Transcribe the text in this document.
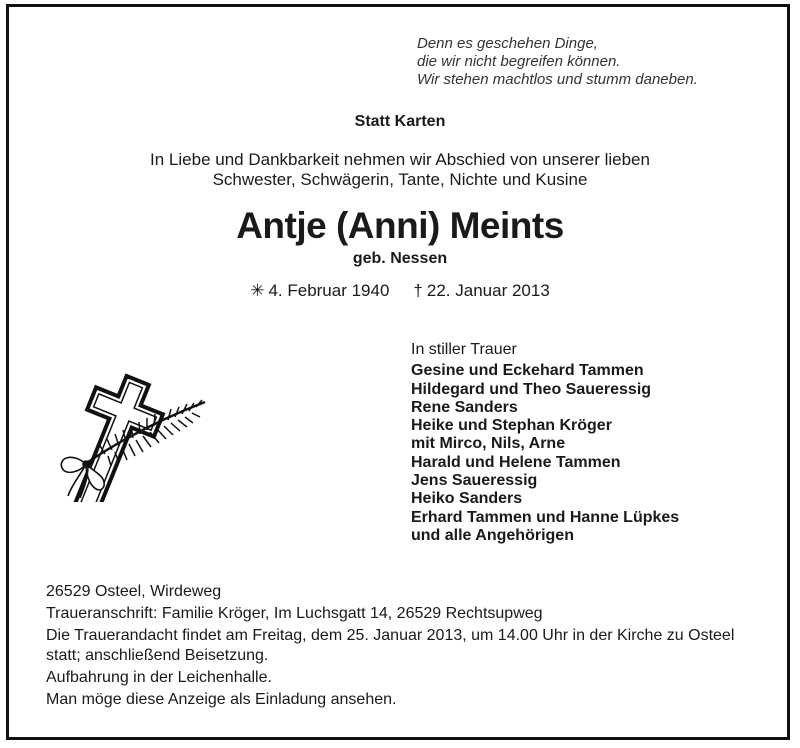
Denn es geschehen Dinge,
die wir nicht begreifen können.
Wir stehen machtlos und stumm daneben.
Statt Karten
In Liebe und Dankbarkeit nehmen wir Abschied von unserer lieben
Schwester, Schwägerin, Tante, Nichte und Kusine
Antje (Anni) Meints
geb. Nessen
✳ 4. Februar 1940 † 22. Januar 2013
In stiller Trauer
Gesine und Eckehard Tammen
Hildegard und Theo Saueressig
Rene Sanders
Heike und Stephan Kröger
mit Mirco, Nils, Arne
Harald und Helene Tammen
Jens Saueressig
Heiko Sanders
Erhard Tammen und Hanne Lüpkes
und alle Angehörigen
26529 Osteel, Wirdeweg
Traueranschrift: Familie Kröger, Im Luchsgatt 14, 26529 Rechtsupweg
Die Trauerandacht findet am Freitag, dem 25. Januar 2013, um 14.00 Uhr in der Kirche zu Osteel statt; anschließend Beisetzung.
Aufbahrung in der Leichenhalle.
Man möge diese Anzeige als Einladung ansehen.
